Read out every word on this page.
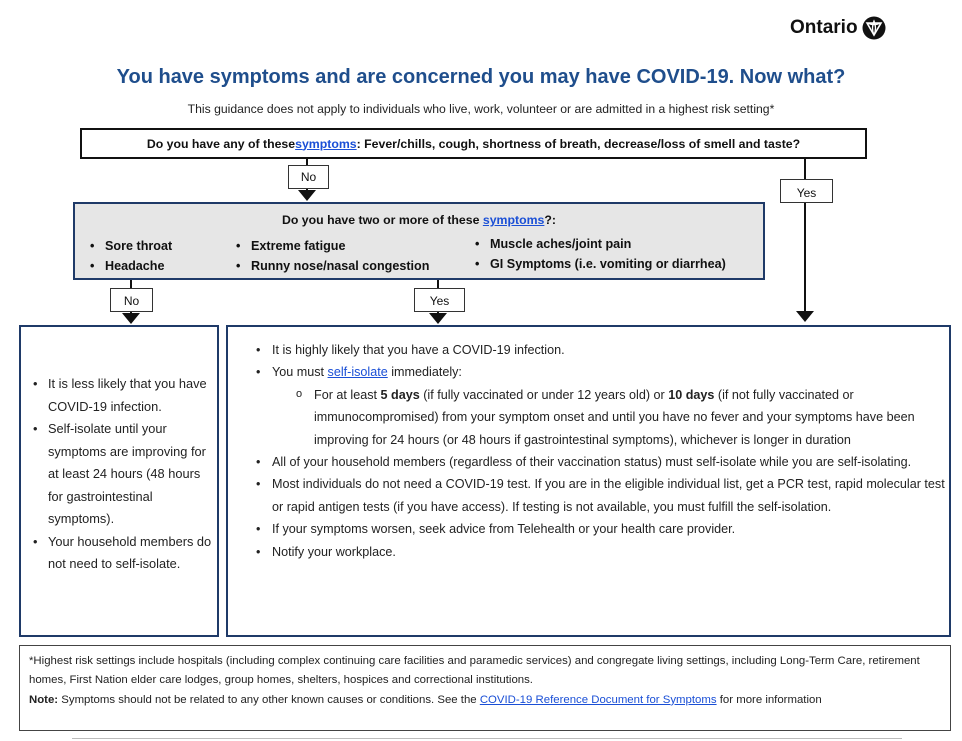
Ontario
You have symptoms and are concerned you may have COVID-19. Now what?
This guidance does not apply to individuals who live, work, volunteer or are admitted in a highest risk setting*
Do you have any of these symptoms : Fever/chills, cough, shortness of breath, decrease/loss of smell and taste?
No
Yes
Do you have two or more of these symptoms?:
• Sore throat
• Headache
• Extreme fatigue
• Runny nose/nasal congestion
• Muscle aches/joint pain
• GI Symptoms (i.e. vomiting or diarrhea)
No	Yes
• It is less likely that you have COVID-19 infection.
• Self-isolate until your symptoms are improving for at least 24 hours (48 hours for gastrointestinal symptoms).
• Your household members do not need to self-isolate.
• It is highly likely that you have a COVID-19 infection.
• You must self-isolate immediately:
o For at least 5 days (if fully vaccinated or under 12 years old) or 10 days (if not fully vaccinated or immunocompromised) from your symptom onset and until you have no fever and your symptoms have been improving for 24 hours (or 48 hours if gastrointestinal symptoms), whichever is longer in duration
• All of your household members (regardless of their vaccination status) must self-isolate while you are self-isolating.
• Most individuals do not need a COVID-19 test. If you are in the eligible individual list, get a PCR test, rapid molecular test or rapid antigen tests (if you have access). If testing is not available, you must fulfill the self-isolation.
• If your symptoms worsen, seek advice from Telehealth or your health care provider.
• Notify your workplace.
*Highest risk settings include hospitals (including complex continuing care facilities and paramedic services) and congregate living settings, including Long-Term Care, retirement homes, First Nation elder care lodges, group homes, shelters, hospices and correctional institutions.
Note: Symptoms should not be related to any other known causes or conditions. See the COVID-19 Reference Document for Symptoms for more information
